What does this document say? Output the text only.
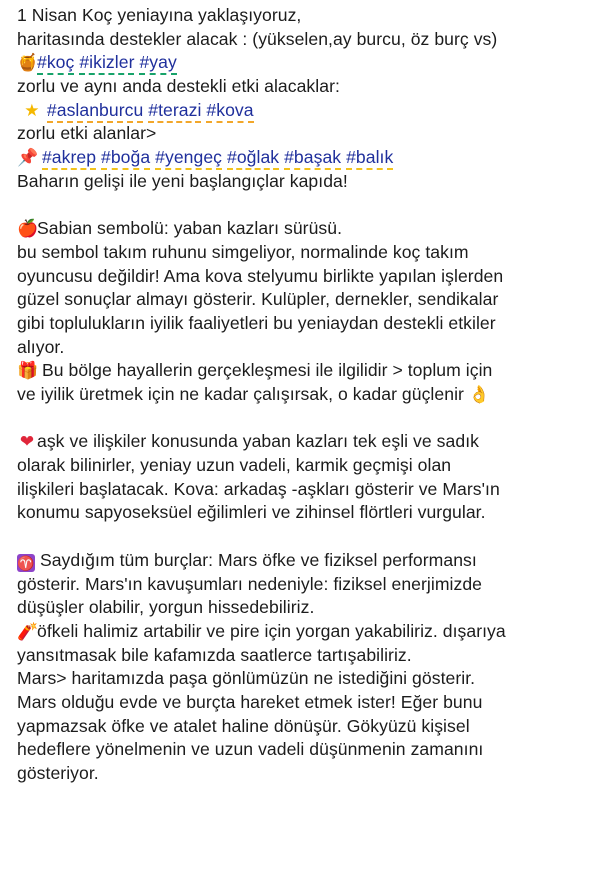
1 Nisan Koç yeniayına yaklaşıyoruz,
haritasında destekler alacak : (yükselen,ay burcu, öz burç vs)
🍯#koç #ikizler #yay
zorlu ve aynı anda destekli etki alacaklar:
★ #aslanburcu #terazi #kova
zorlu etki alanlar>
📌 #akrep #boğa #yengeç #oğlak #başak #balık
Baharın gelişi ile yeni başlangıçlar kapıda!
🍎Sabian sembolü: yaban kazları sürüsü.
bu sembol takım ruhunu simgeliyor, normalinde koç takım
oyuncusu değildir! Ama kova stelyumu birlikte yapılan işlerden
güzel sonuçlar almayı gösterir. Kulüpler, dernekler, sendikalar
gibi toplulukların iyilik faaliyetleri bu yeniaydan destekli etkiler
alıyor.
🎁 Bu bölge hayallerin gerçekleşmesi ile ilgilidir > toplum için
ve iyilik üretmek için ne kadar çalışırsak, o kadar güçlenir 👌
❤ aşk ve ilişkiler konusunda yaban kazları tek eşli ve sadık
olarak bilinirler, yeniay uzun vadeli, karmik geçmişi olan
ilişkileri başlatacak. Kova: arkadaş -aşkları gösterir ve Mars'ın
konumu sapyoseksüel eğilimleri ve zihinsel flörtleri vurgular.
♈ Saydığım tüm burçlar: Mars öfke ve fiziksel performansı
gösterir. Mars'ın kavuşumları nedeniyle: fiziksel enerjimizde
düşüşler olabilir, yorgun hissedebiliriz.
🧨öfkeli halimiz artabilir ve pire için yorgan yakabiliriz. dışarıya
yansıtmasak bile kafamızda saatlerce tartışabiliriz.
Mars> haritamızda paşa gönlümüzün ne istediğini gösterir.
Mars olduğu evde ve burçta hareket etmek ister! Eğer bunu
yapmazsak öfke ve atalet haline dönüşür. Gökyüzü kişisel
hedeflere yönelmenin ve uzun vadeli düşünmenin zamanını
gösteriyor.
